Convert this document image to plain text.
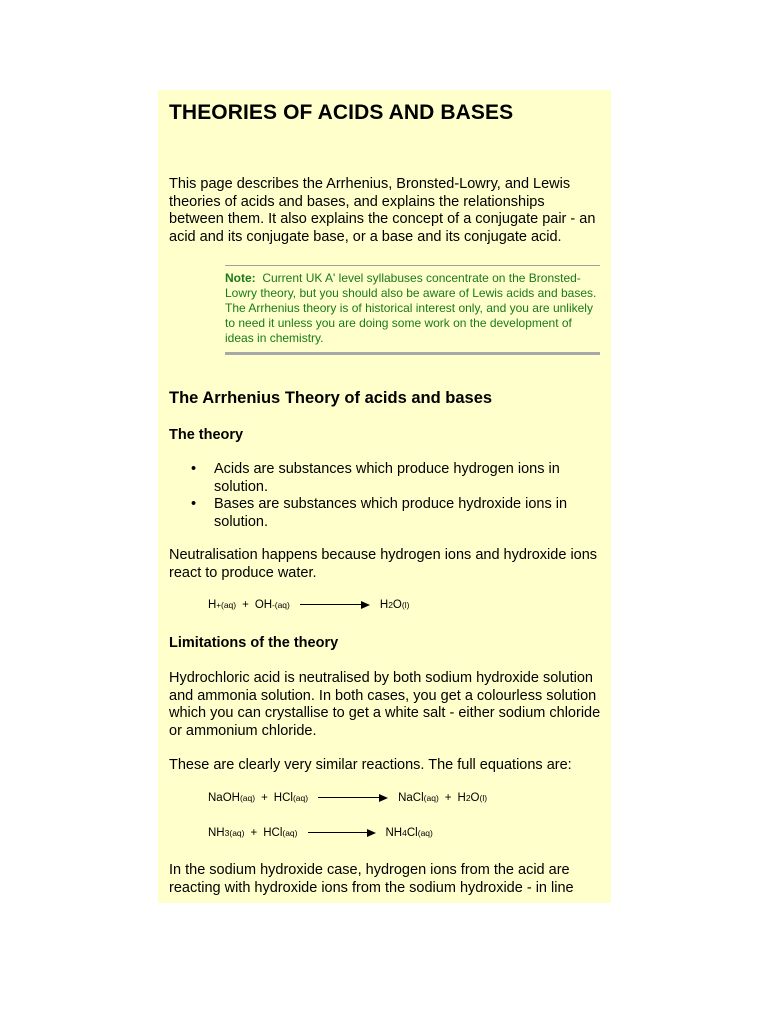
THEORIES OF ACIDS AND BASES

This page describes the Arrhenius, Bronsted-Lowry, and Lewis theories of acids and bases, and explains the relationships between them. It also explains the concept of a conjugate pair - an acid and its conjugate base, or a base and its conjugate acid.

Note: Current UK A' level syllabuses concentrate on the Bronsted-Lowry theory, but you should also be aware of Lewis acids and bases. The Arrhenius theory is of historical interest only, and you are unlikely to need it unless you are doing some work on the development of ideas in chemistry.
The Arrhenius Theory of acids and bases
The theory
• Acids are substances which produce hydrogen ions in solution.
• Bases are substances which produce hydroxide ions in solution.

Neutralisation happens because hydrogen ions and hydroxide ions react to produce water.

H + (aq) + OH - (aq)	H 2 O (l)
Limitations of the theory

Hydrochloric acid is neutralised by both sodium hydroxide solution and ammonia solution. In both cases, you get a colourless solution which you can crystallise to get a white salt - either sodium chloride or ammonium chloride.

These are clearly very similar reactions. The full equations are:

NaOH (aq) + HCl (aq)	NaCl (aq) + H 2 O (l)
NH 3 (aq) + HCl (aq)	NH 4 Cl (aq)

In the sodium hydroxide case, hydrogen ions from the acid are reacting with hydroxide ions from the sodium hydroxide - in line
